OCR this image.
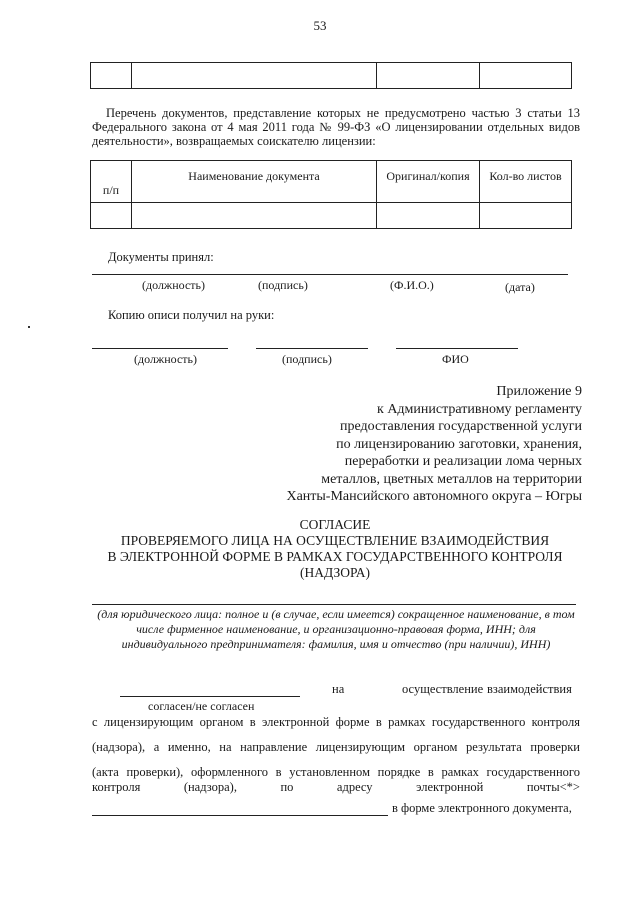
53

Перечень документов, представление которых не предусмотрено частью 3 статьи 13 Федерального закона от 4 мая 2011 года № 99-ФЗ «О лицензировании отдельных видов деятельности», возвращаемых соискателю лицензии:
п/п	Наименование документа	Оригинал/копия	Кол-во листов

Документы принял:
(должность)	(подпись)	(Ф.И.О.)	(дата)
Копию описи получил на руки:
(должность)	(подпись)	ФИО
Приложение 9
к Административному регламенту
предоставления государственной услуги
по лицензированию заготовки, хранения,
переработки и реализации лома черных
металлов, цветных металлов на территории
Ханты-Мансийского автономного округа – Югры
СОГЛАСИЕ
ПРОВЕРЯЕМОГО ЛИЦА НА ОСУЩЕСТВЛЕНИЕ ВЗАИМОДЕЙСТВИЯ
В ЭЛЕКТРОННОЙ ФОРМЕ В РАМКАХ ГОСУДАРСТВЕННОГО КОНТРОЛЯ
(НАДЗОРА)
(для юридического лица: полное и (в случае, если имеется) сокращенное наименование, в том числе фирменное наименование, и организационно-правовая форма, ИНН; для индивидуального предпринимателя: фамилия, имя и отчество (при наличии), ИНН)
на	осуществление взаимодействия
согласен/не согласен
с лицензирующим органом в электронной форме в рамках государственного контроля
(надзора), а именно, на направление лицензирующим органом результата проверки
(акта проверки), оформленного в установленном порядке в рамках государственного
контроля	(надзора),	по	адресу	электронной	почты<*>
в форме электронного документа,
